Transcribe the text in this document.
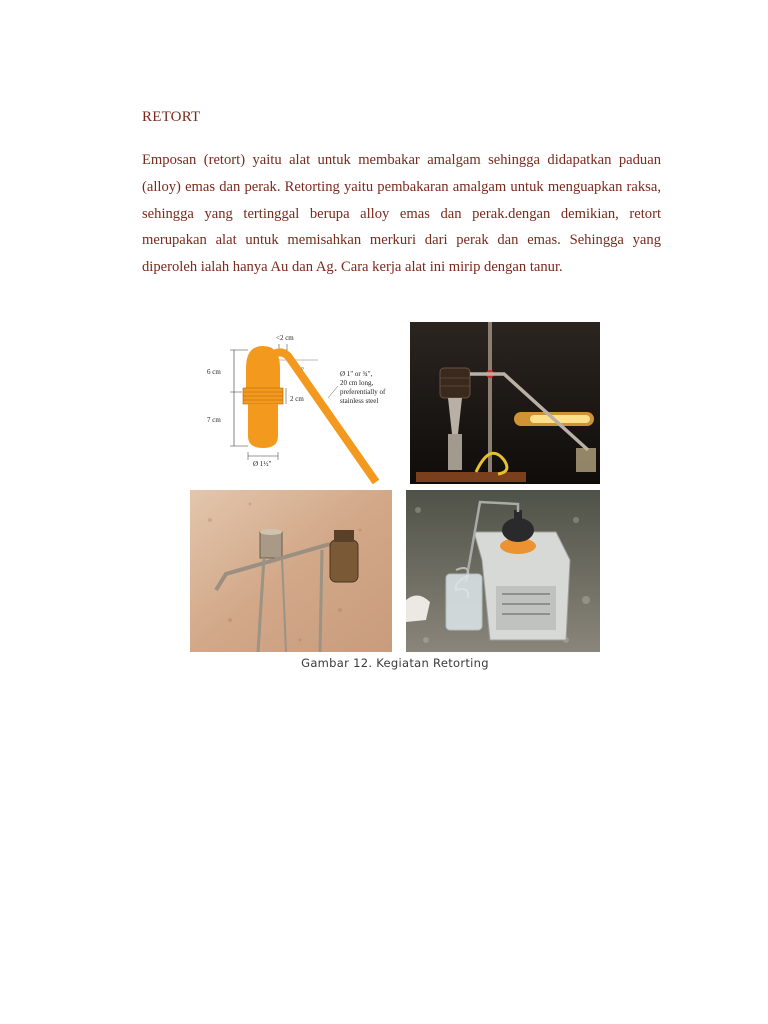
RETORT

Emposan (retort) yaitu alat untuk membakar amalgam sehingga didapatkan paduan (alloy) emas dan perak. Retorting yaitu pembakaran amalgam untuk menguapkan raksa, sehingga yang tertinggal berupa alloy emas dan perak.dengan demikian, retort merupakan alat untuk memisahkan merkuri dari perak dan emas. Sehingga yang diperoleh ialah hanya Au dan Ag. Cara kerja alat ini mirip dengan tanur.

6 cm
7 cm
<2 cm
45°
2 cm
Ø 1½"
Ø 1" or ¾",
20 cm long,
preferentially of
stainless steel
Gambar 12. Kegiatan Retorting
